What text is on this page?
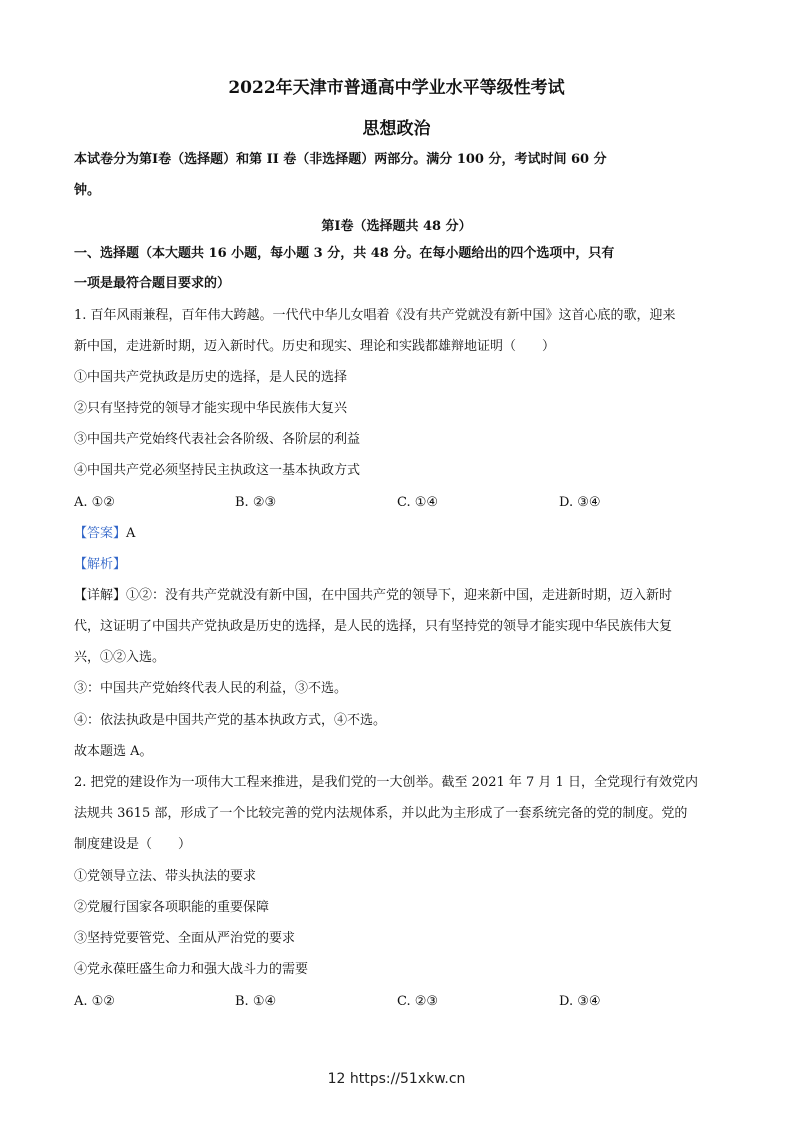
2022年天津市普通高中学业水平等级性考试
思想政治
本试卷分为第Ⅰ卷（选择题）和第 II 卷（非选择题）两部分。满分 100 分，考试时间 60 分
钟。
第Ⅰ卷（选择题共 48 分）
一、选择题（本大题共 16 小题，每小题 3 分，共 48 分。在每小题给出的四个选项中，只有
一项是最符合题目要求的）
1. 百年风雨兼程，百年伟大跨越。一代代中华儿女唱着《没有共产党就没有新中国》这首心底的歌，迎来
新中国，走进新时期，迈入新时代。历史和现实、理论和实践都雄辩地证明（　　）
①中国共产党执政是历史的选择，是人民的选择
②只有坚持党的领导才能实现中华民族伟大复兴
③中国共产党始终代表社会各阶级、各阶层的利益
④中国共产党必须坚持民主执政这一基本执政方式
A. ①②	B. ②③	C. ①④	D. ③④
【答案】A
【解析】
【详解】①②：没有共产党就没有新中国，在中国共产党的领导下，迎来新中国，走进新时期，迈入新时
代，这证明了中国共产党执政是历史的选择，是人民的选择，只有坚持党的领导才能实现中华民族伟大复
兴，①②入选。
③：中国共产党始终代表人民的利益，③不选。
④：依法执政是中国共产党的基本执政方式，④不选。
故本题选 A。
2. 把党的建设作为一项伟大工程来推进，是我们党的一大创举。截至 2021 年 7 月 1 日，全党现行有效党内
法规共 3615 部，形成了一个比较完善的党内法规体系，并以此为主形成了一套系统完备的党的制度。党的
制度建设是（　　）
①党领导立法、带头执法的要求
②党履行国家各项职能的重要保障
③坚持党要管党、全面从严治党的要求
④党永葆旺盛生命力和强大战斗力的需要
A. ①②	B. ①④	C. ②③	D. ③④
12 https://51xkw.cn
